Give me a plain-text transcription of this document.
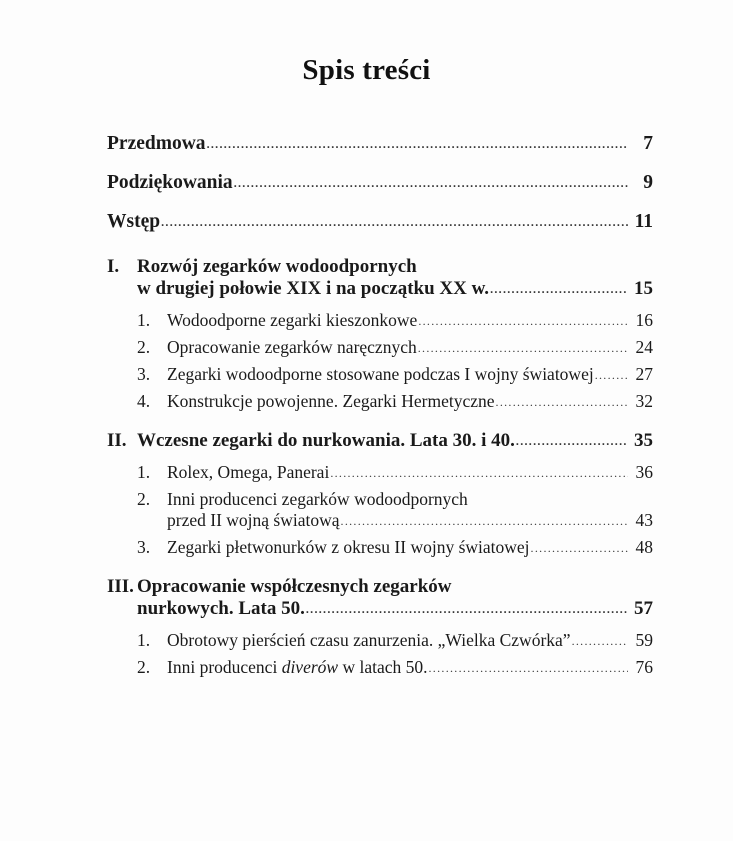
Spis treści
Przedmowa .....	7
Podziękowania .....	9
Wstęp .....	11
I. Rozwój zegarków wodoodpornych
w drugiej połowie XIX i na początku XX w. .....	15
1. Wodoodporne zegarki kieszonkowe .....	16
2. Opracowanie zegarków naręcznych .....	24
3. Zegarki wodoodporne stosowane podczas I wojny światowej .....	27
4. Konstrukcje powojenne. Zegarki Hermetyczne .....	32
II. Wczesne zegarki do nurkowania. Lata 30. i 40. .....	35
1. Rolex, Omega, Panerai .....	36
2. Inni producenci zegarków wodoodpornych
przed II wojną światową .....	43
3. Zegarki płetwonurków z okresu II wojny światowej .....	48
III. Opracowanie współczesnych zegarków
nurkowych. Lata 50. .....	57
1. Obrotowy pierścień czasu zanurzenia. „Wielka Czwórka” .....	59
2. Inni producenci diverów w latach 50. .....	76
